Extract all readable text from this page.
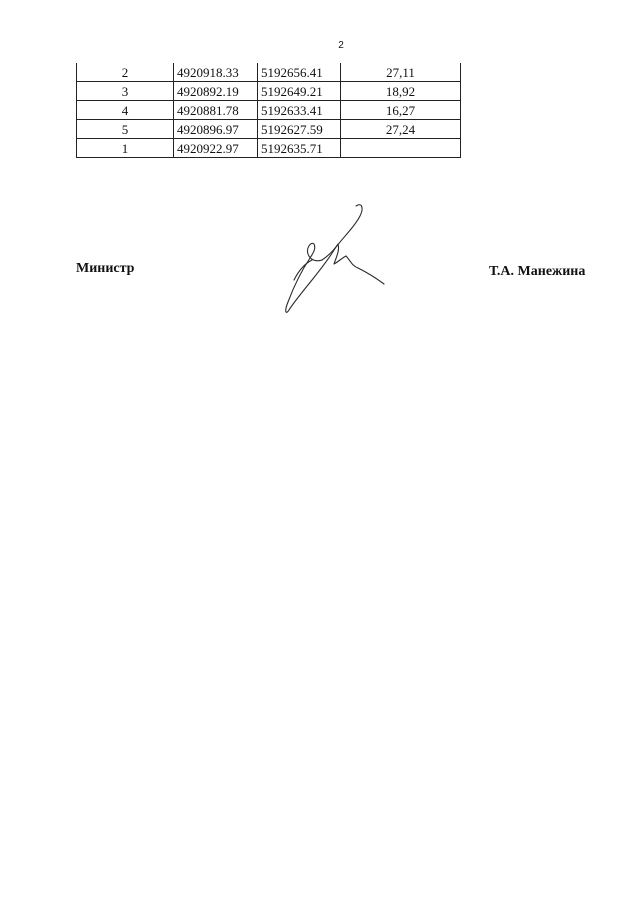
2
2	4920918.33	5192656.41	27,11
3	4920892.19	5192649.21	18,92
4	4920881.78	5192633.41	16,27
5	4920896.97	5192627.59	27,24
1	4920922.97	5192635.71	
Министр	Т.А. Манежина
